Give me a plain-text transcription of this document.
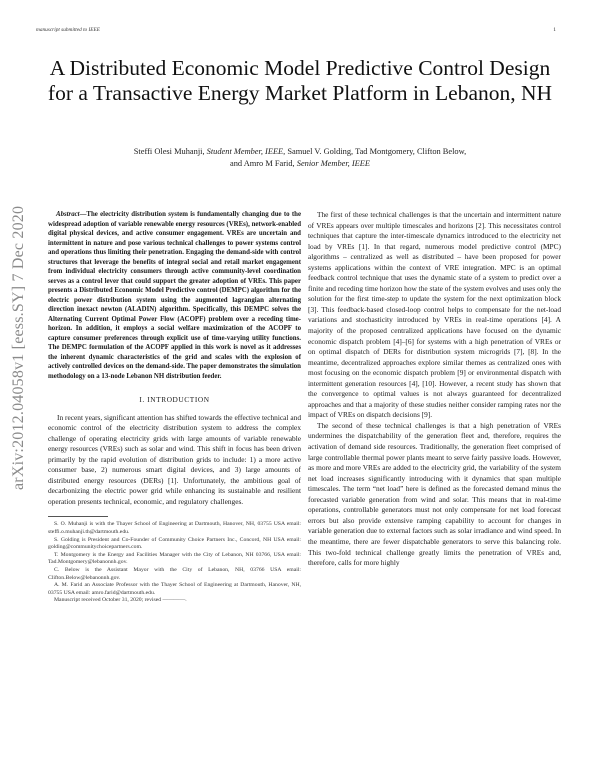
manuscript submitted to IEEE	1
arXiv:2012.04058v1 [eess.SY] 7 Dec 2020
A Distributed Economic Model Predictive Control Design for a Transactive Energy Market Platform in Lebanon, NH
Steffi Olesi Muhanji, Student Member, IEEE, Samuel V. Golding, Tad Montgomery, Clifton Below,
and Amro M Farid, Senior Member, IEEE

Abstract—The electricity distribution system is fundamentally changing due to the widespread adoption of variable renewable energy resources (VREs), network-enabled digital physical devices, and active consumer engagement. VREs are uncertain and intermittent in nature and pose various technical challenges to power systems control and operations thus limiting their penetration. Engaging the demand-side with control structures that leverage the benefits of integral social and retail market engagement from individual electricity consumers through active community-level coordination serves as a control lever that could support the greater adoption of VREs. This paper presents a Distributed Economic Model Predictive control (DEMPC) algorithm for the electric power distribution system using the augmented lagrangian alternating direction inexact newton (ALADIN) algorithm. Specifically, this DEMPC solves the Alternating Current Optimal Power Flow (ACOPF) problem over a receding time-horizon. In addition, it employs a social welfare maximization of the ACOPF to capture consumer preferences through explicit use of time-varying utility functions. The DEMPC formulation of the ACOPF applied in this work is novel as it addresses the inherent dynamic characteristics of the grid and scales with the explosion of actively controlled devices on the demand-side. The paper demonstrates the simulation methodology on a 13-node Lebanon NH distribution feeder.

I. INTRODUCTION

In recent years, significant attention has shifted towards the effective technical and economic control of the electricity distribution system to address the complex challenge of operating electricity grids with large amounts of variable renewable energy resources (VREs) such as solar and wind. This shift in focus has been driven primarily by the rapid evolution of distribution grids to include: 1) a more active consumer base, 2) numerous smart digital devices, and 3) large amounts of distributed energy resources (DERs) [1]. Unfortunately, the ambitious goal of decarbonizing the electric power grid while enhancing its sustainable and resilient operation presents technical, economic, and regulatory challenges.

S. O. Muhanji is with the Thayer School of Engineering at Dartmouth, Hanover, NH, 03755 USA email: steffi.o.muhanji.th@dartmouth.edu.

S. Golding is President and Co-Founder of Community Choice Partners Inc., Concord, NH USA email: golding@communitychoicepartners.com.

T. Montgomery is the Energy and Facilities Manager with the City of Lebanon, NH 03766, USA email: Tad.Montgomery@lebanonnh.gov.

C. Below is the Assistant Mayor with the City of Lebanon, NH, 03766 USA email: Clifton.Below@lebanonnh.gov.

A. M. Farid an Associate Professor with the Thayer School of Engineering at Dartmouth, Hanover, NH, 03755 USA email: amro.farid@dartmouth.edu.

Manuscript received October 31, 2020; revised ————.

The first of these technical challenges is that the uncertain and intermittent nature of VREs appears over multiple timescales and horizons [2]. This necessitates control techniques that capture the inter-timescale dynamics introduced to the electricity net load by VREs [1]. In that regard, numerous model predictive control (MPC) algorithms – centralized as well as distributed – have been proposed for power systems applications within the context of VRE integration. MPC is an optimal feedback control technique that uses the dynamic state of a system to predict over a finite and receding time horizon how the state of the system evolves and uses only the solution for the first time-step to update the system for the next optimization block [3]. This feedback-based closed-loop control helps to compensate for the net-load variations and stochasticity introduced by VREs in real-time operations [4]. A majority of the proposed centralized applications have focused on the dynamic economic dispatch problem [4]–[6] for systems with a high penetration of VREs or on optimal dispatch of DERs for distribution system microgrids [7], [8]. In the meantime, decentralized approaches explore similar themes as centralized ones with most focusing on the economic dispatch problem [9] or environmental dispatch with intermittent generation resources [4], [10]. However, a recent study has shown that the convergence to optimal values is not always guaranteed for decentralized approaches and that a majority of these studies neither consider ramping rates nor the impact of VREs on dispatch decisions [9].

The second of these technical challenges is that a high penetration of VREs undermines the dispatchability of the generation fleet and, therefore, requires the activation of demand side resources. Traditionally, the generation fleet comprised of large controllable thermal power plants meant to serve fairly passive loads. However, as more and more VREs are added to the electricity grid, the variability of the system net load increases significantly introducing with it dynamics that span multiple timescales. The term “net load” here is defined as the forecasted demand minus the forecasted variable generation from wind and solar. This means that in real-time operations, controllable generators must not only compensate for net load forecast errors but also provide extensive ramping capability to account for changes in variable generation due to external factors such as solar irradiance and wind speed. In the meantime, there are fewer dispatchable generators to serve this balancing role. This two-fold technical challenge greatly limits the penetration of VREs and, therefore, calls for more highly
